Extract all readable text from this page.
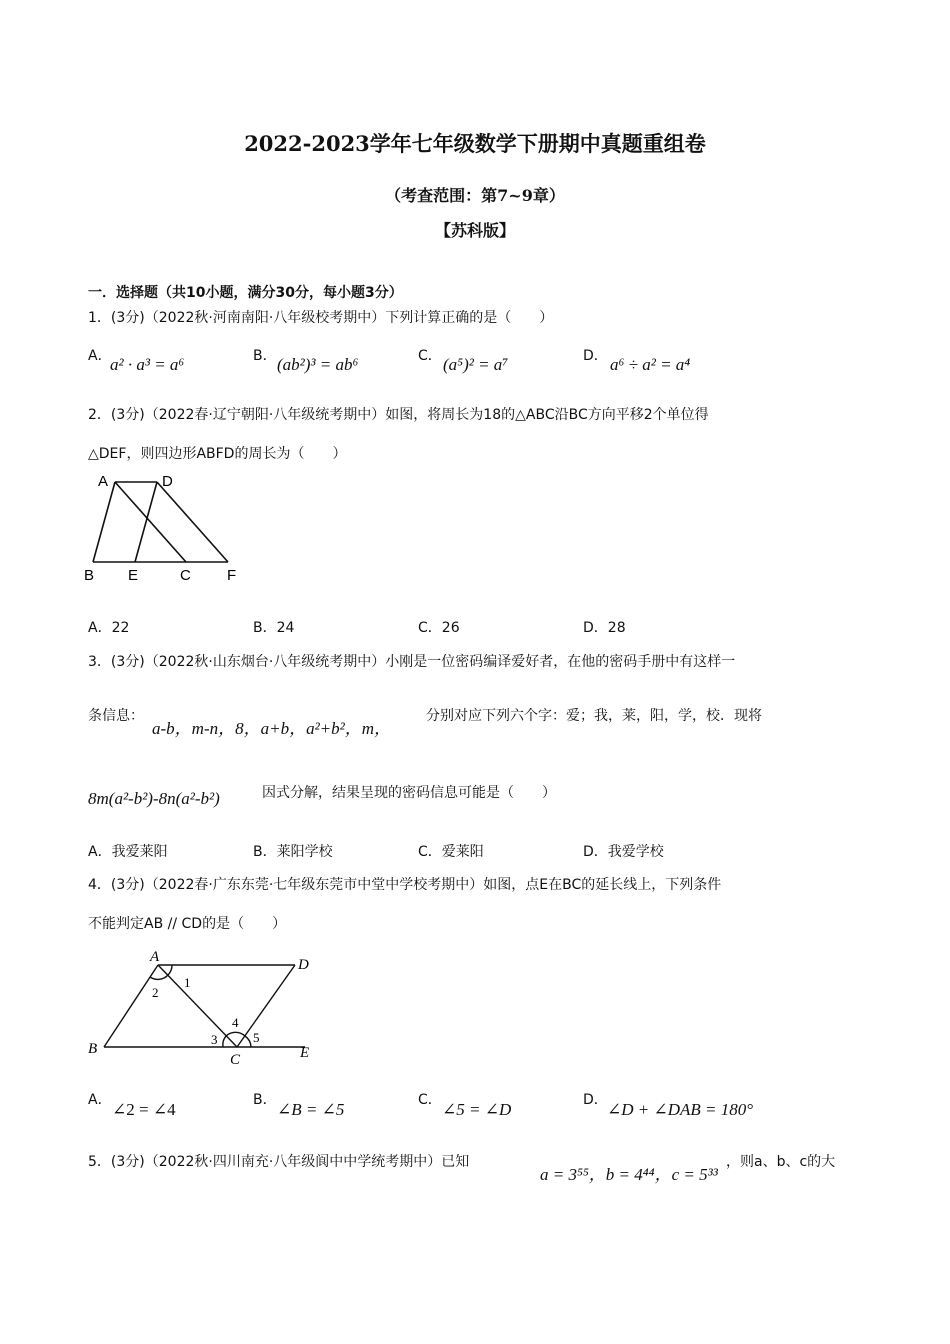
2022-2023学年七年级数学下册期中真题重组卷
（考查范围：第7~9章）
【苏科版】
一．选择题（共10小题，满分30分，每小题3分）
1．(3分)（2022秋·河南南阳·八年级校考期中）下列计算正确的是（　　）
A．
a² · a³ = a⁶	B． (ab²)³ = ab⁶	C． (a⁵)² = a⁷	D． a⁶ ÷ a² = a⁴
2．(3分)（2022春·辽宁朝阳·八年级统考期中）如图，将周长为18的△ABC沿BC方向平移2个单位得
△DEF，则四边形ABFD的周长为（　　）
A	D
B E	C F
A．22	B．24	C．26	D．28
3．(3分)（2022秋·山东烟台·八年级统考期中）小刚是一位密码编译爱好者，在他的密码手册中有这样一
条信息：
a-b，m-n，8，a+b，a²+b²，m，
分别对应下列六个字：爱；我，莱，阳，学，校．现将
8m(a²-b²)-8n(a²-b²)	因式分解，结果呈现的密码信息可能是（　　）
A．我爱莱阳	B．莱阳学校	C．爱莱阳	D．我爱学校
4．(3分)（2022春·广东东莞·七年级东莞市中堂中学校考期中）如图，点E在BC的延长线上，下列条件
不能判定AB // CD的是（　　）
A	D
B
C	E
1
2
3
4
5
A． ∠2 = ∠4	B． ∠B = ∠5	C． ∠5 = ∠D	D． ∠D + ∠DAB = 180°
5．(3分)（2022秋·四川南充·八年级阆中中学统考期中）已知
a = 3⁵⁵，b = 4⁴⁴，c = 5³³
，则a、b、c的大
